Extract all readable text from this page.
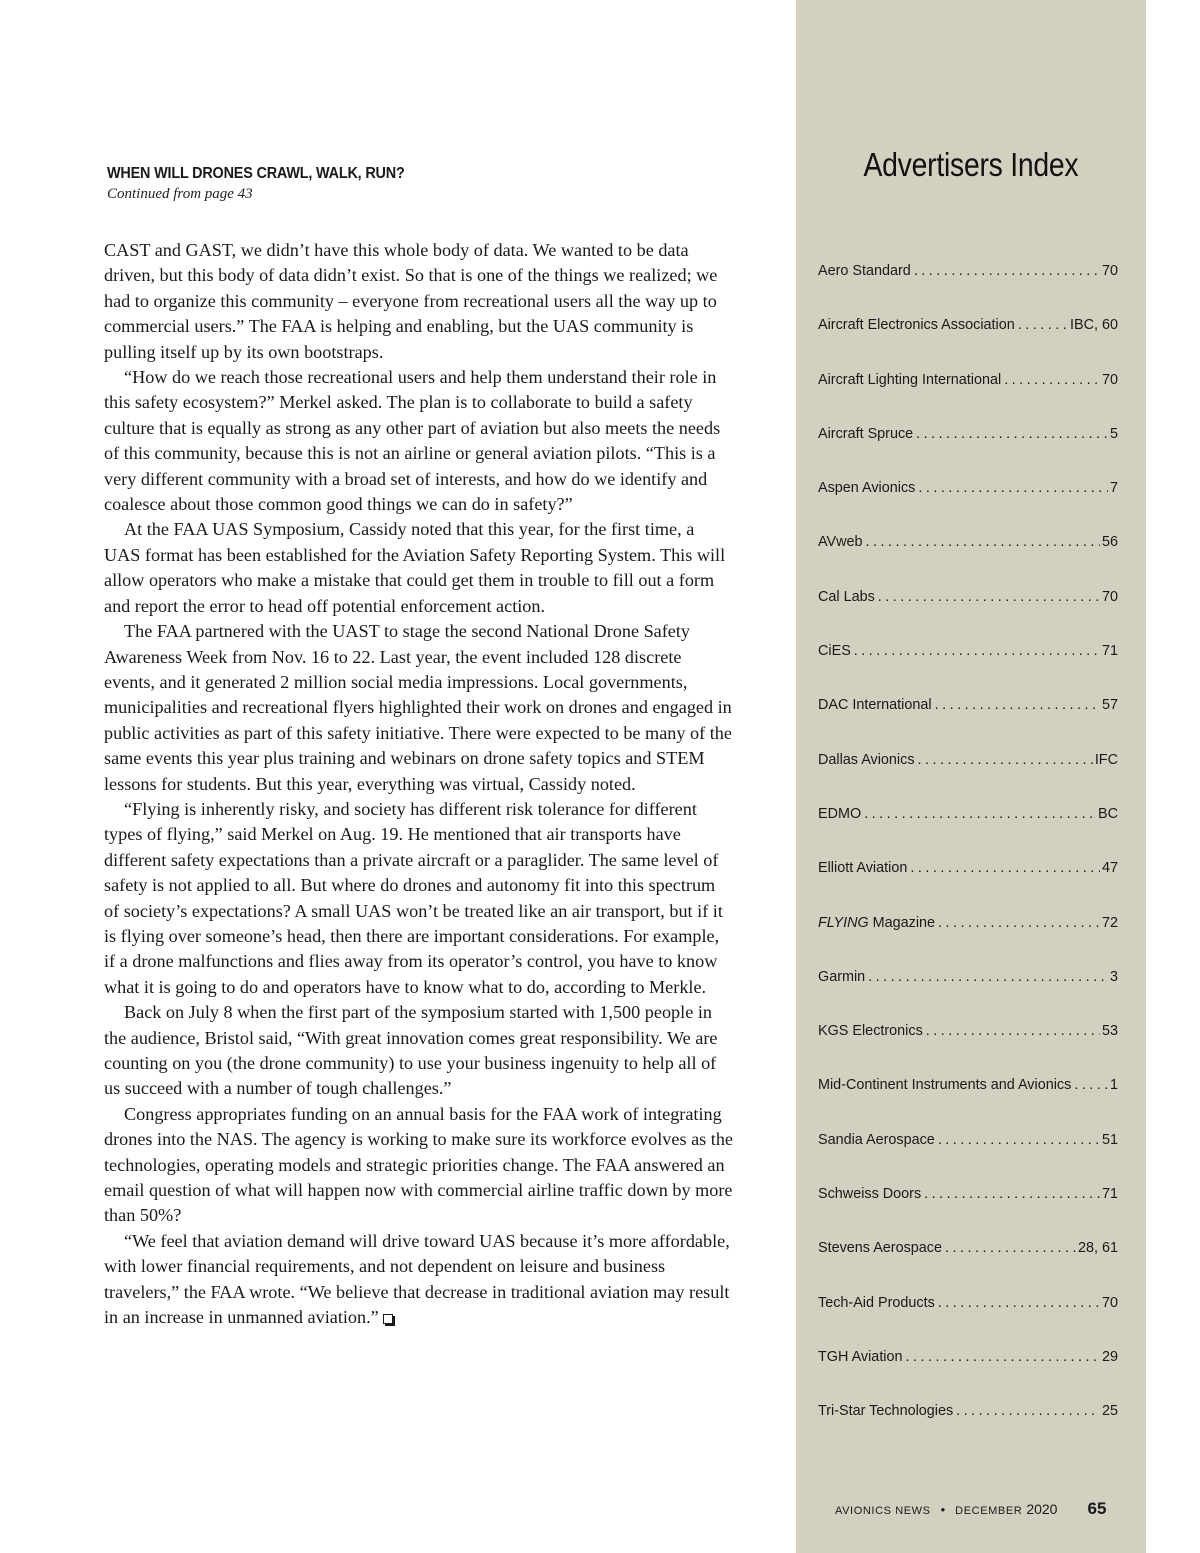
WHEN WILL DRONES CRAWL, WALK, RUN?
Continued from page 43

CAST and GAST, we didn’t have this whole body of data. We wanted to be data driven, but this body of data didn’t exist. So that is one of the things we realized; we had to organize this community – everyone from recreational users all the way up to commercial users.” The FAA is helping and enabling, but the UAS community is pulling itself up by its own bootstraps.

“How do we reach those recreational users and help them understand their role in this safety ecosystem?” Merkel asked. The plan is to collaborate to build a safety culture that is equally as strong as any other part of aviation but also meets the needs of this community, because this is not an airline or general aviation pilots. “This is a very different community with a broad set of interests, and how do we identify and coalesce about those common good things we can do in safety?”

At the FAA UAS Symposium, Cassidy noted that this year, for the first time, a UAS format has been established for the Aviation Safety Reporting System. This will allow operators who make a mistake that could get them in trouble to fill out a form and report the error to head off potential enforcement action.

The FAA partnered with the UAST to stage the second National Drone Safety Awareness Week from Nov. 16 to 22. Last year, the event included 128 discrete events, and it generated 2 million social media impressions. Local governments, municipalities and recreational flyers highlighted their work on drones and engaged in public activities as part of this safety initiative. There were expected to be many of the same events this year plus training and webinars on drone safety topics and STEM lessons for students. But this year, everything was virtual, Cassidy noted.

“Flying is inherently risky, and society has different risk tolerance for different types of flying,” said Merkel on Aug. 19. He mentioned that air transports have different safety expectations than a private aircraft or a paraglider. The same level of safety is not applied to all. But where do drones and autonomy fit into this spectrum of society’s expectations? A small UAS won’t be treated like an air transport, but if it is flying over someone’s head, then there are important considerations. For example, if a drone malfunctions and flies away from its operator’s control, you have to know what it is going to do and operators have to know what to do, according to Merkle.

Back on July 8 when the first part of the symposium started with 1,500 people in the audience, Bristol said, “With great innovation comes great responsibility. We are counting on you (the drone community) to use your business ingenuity to help all of us succeed with a number of tough challenges.”

Congress appropriates funding on an annual basis for the FAA work of integrating drones into the NAS. The agency is working to make sure its workforce evolves as the technologies, operating models and strategic priorities change. The FAA answered an email question of what will happen now with commercial airline traffic down by more than 50%?

“We feel that aviation demand will drive toward UAS because it’s more affordable, with lower financial requirements, and not dependent on leisure and business travelers,” the FAA wrote. “We believe that decrease in traditional aviation may result in an increase in unmanned aviation.”

Advertisers Index
Aero Standard . . .	70
Aircraft Electronics Association . . .	IBC, 60
Aircraft Lighting International . . .	70
Aircraft Spruce . . .	5
Aspen Avionics . . .	7
AVweb . . .	56
Cal Labs . . .	70
CiES . . .	71
DAC International . . .	57
Dallas Avionics . . .	IFC
EDMO . . .	BC
Elliott Aviation . . .	47
FLYING Magazine . . .	72
Garmin . . .	3
KGS Electronics . . .	53
Mid-Continent Instruments and Avionics . . .	1
Sandia Aerospace . . .	51
Schweiss Doors . . .	71
Stevens Aerospace . . .	28, 61
Tech-Aid Products . . .	70
TGH Aviation . . .	29
Tri-Star Technologies . . .	25
AVIONICS NEWS • DECEMBER 2020 65
